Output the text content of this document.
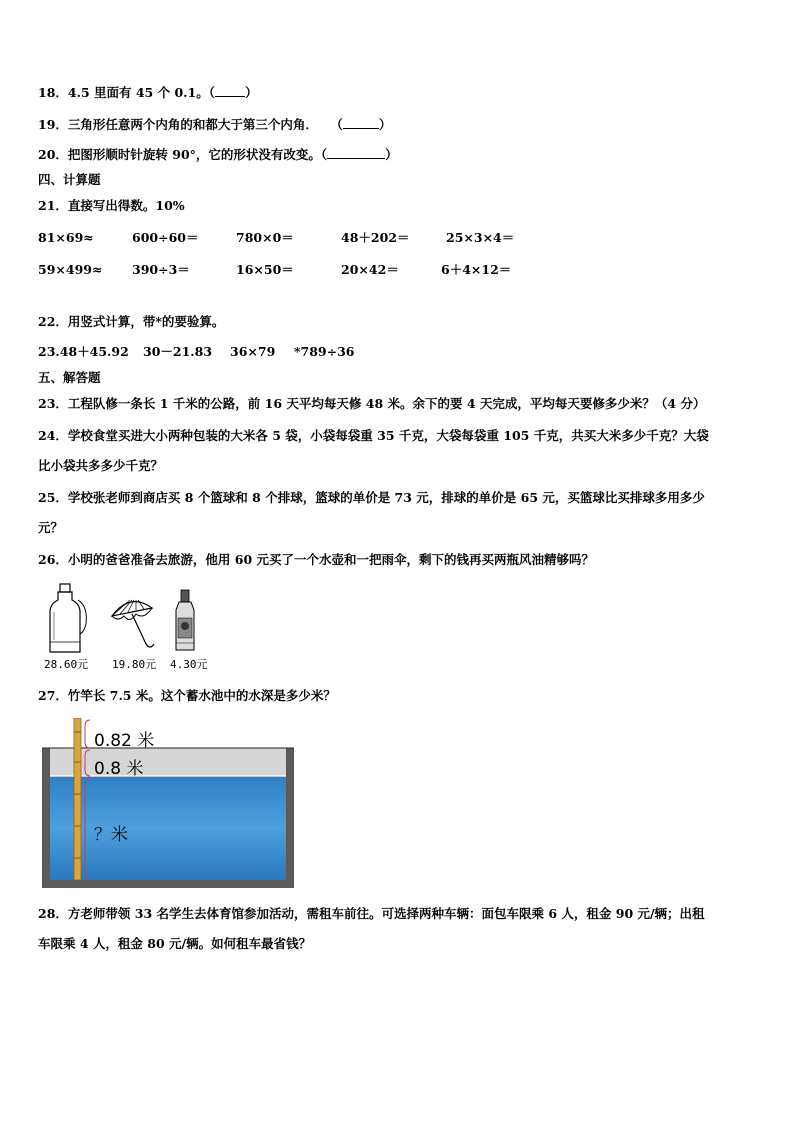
18．4.5 里面有 45 个 0.1。（ ）
19．三角形任意两个内角的和都大于第三个内角．　　（	）
20．把图形顺时针旋转 90°，它的形状没有改变。（	）
四、计算题
21．直接写出得数。10%
81×69≈	600÷60＝	780×0＝	48＋202＝	25×3×4＝
59×499≈ 390÷3＝	16×50＝	20×42＝	6＋4×12＝
22．用竖式计算，带*的要验算。
23.48＋45.92 30－21.83 36×79 *789÷36
五、解答题
23．工程队修一条长 1 千米的公路，前 16 天平均每天修 48 米。余下的要 4 天完成，平均每天要修多少米？（4 分）
24．学校食堂买进大小两种包装的大米各 5 袋，小袋每袋重 35 千克，大袋每袋重 105 千克，共买大米多少千克？大袋
比小袋共多多少千克？
25．学校张老师到商店买 8 个篮球和 8 个排球，篮球的单价是 73 元，排球的单价是 65 元，买篮球比买排球多用多少
元？
26．小明的爸爸准备去旅游，他用 60 元买了一个水壶和一把雨伞，剩下的钱再买两瓶风油精够吗？
28.60元 19.80元 4.30元
27．竹竿长 7.5 米。这个蓄水池中的水深是多少米？
0.82 米
0.8 米
？米
28．方老师带领 33 名学生去体育馆参加活动，需租车前往。可选择两种车辆：面包车限乘 6 人，租金 90 元/辆；出租
车限乘 4 人，租金 80 元/辆。如何租车最省钱？
